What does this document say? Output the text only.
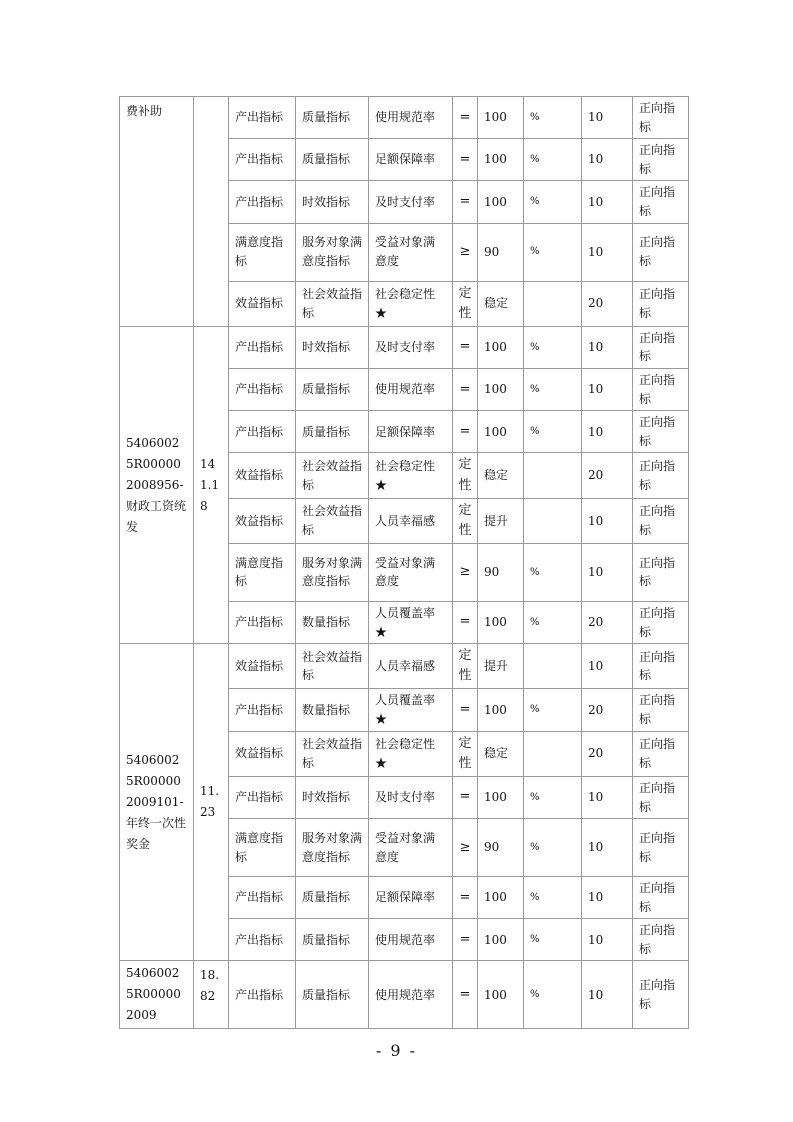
费补助		产出指标	质量指标	使用规范率	=	100	%	10	正向指标
		产出指标	质量指标	足额保障率	=	100	%	10	正向指标
		产出指标	时效指标	及时支付率	=	100	%	10	正向指标
		满意度指标	服务对象满意度指标	受益对象满意度	≥	90	%	10	正向指标
		效益指标	社会效益指标	社会稳定性★	定性	稳定		20	正向指标
54060025R000002008956-财政工资统发	141.18	产出指标	时效指标	及时支付率	=	100	%	10	正向指标
		产出指标	质量指标	使用规范率	=	100	%	10	正向指标
		产出指标	质量指标	足额保障率	=	100	%	10	正向指标
		效益指标	社会效益指标	社会稳定性★	定性	稳定		20	正向指标
		效益指标	社会效益指标	人员幸福感	定性	提升		10	正向指标
		满意度指标	服务对象满意度指标	受益对象满意度	≥	90	%	10	正向指标
		产出指标	数量指标	人员覆盖率★	=	100	%	20	正向指标
54060025R000002009101-年终一次性奖金	11.23	效益指标	社会效益指标	人员幸福感	定性	提升		10	正向指标
		产出指标	数量指标	人员覆盖率★	=	100	%	20	正向指标
		效益指标	社会效益指标	社会稳定性★	定性	稳定		20	正向指标
		产出指标	时效指标	及时支付率	=	100	%	10	正向指标
		满意度指标	服务对象满意度指标	受益对象满意度	≥	90	%	10	正向指标
		产出指标	质量指标	足额保障率	=	100	%	10	正向指标
		产出指标	质量指标	使用规范率	=	100	%	10	正向指标
54060025R000002009	18.82	产出指标	质量指标	使用规范率	=	100	%	10	正向指标
- 9 -
